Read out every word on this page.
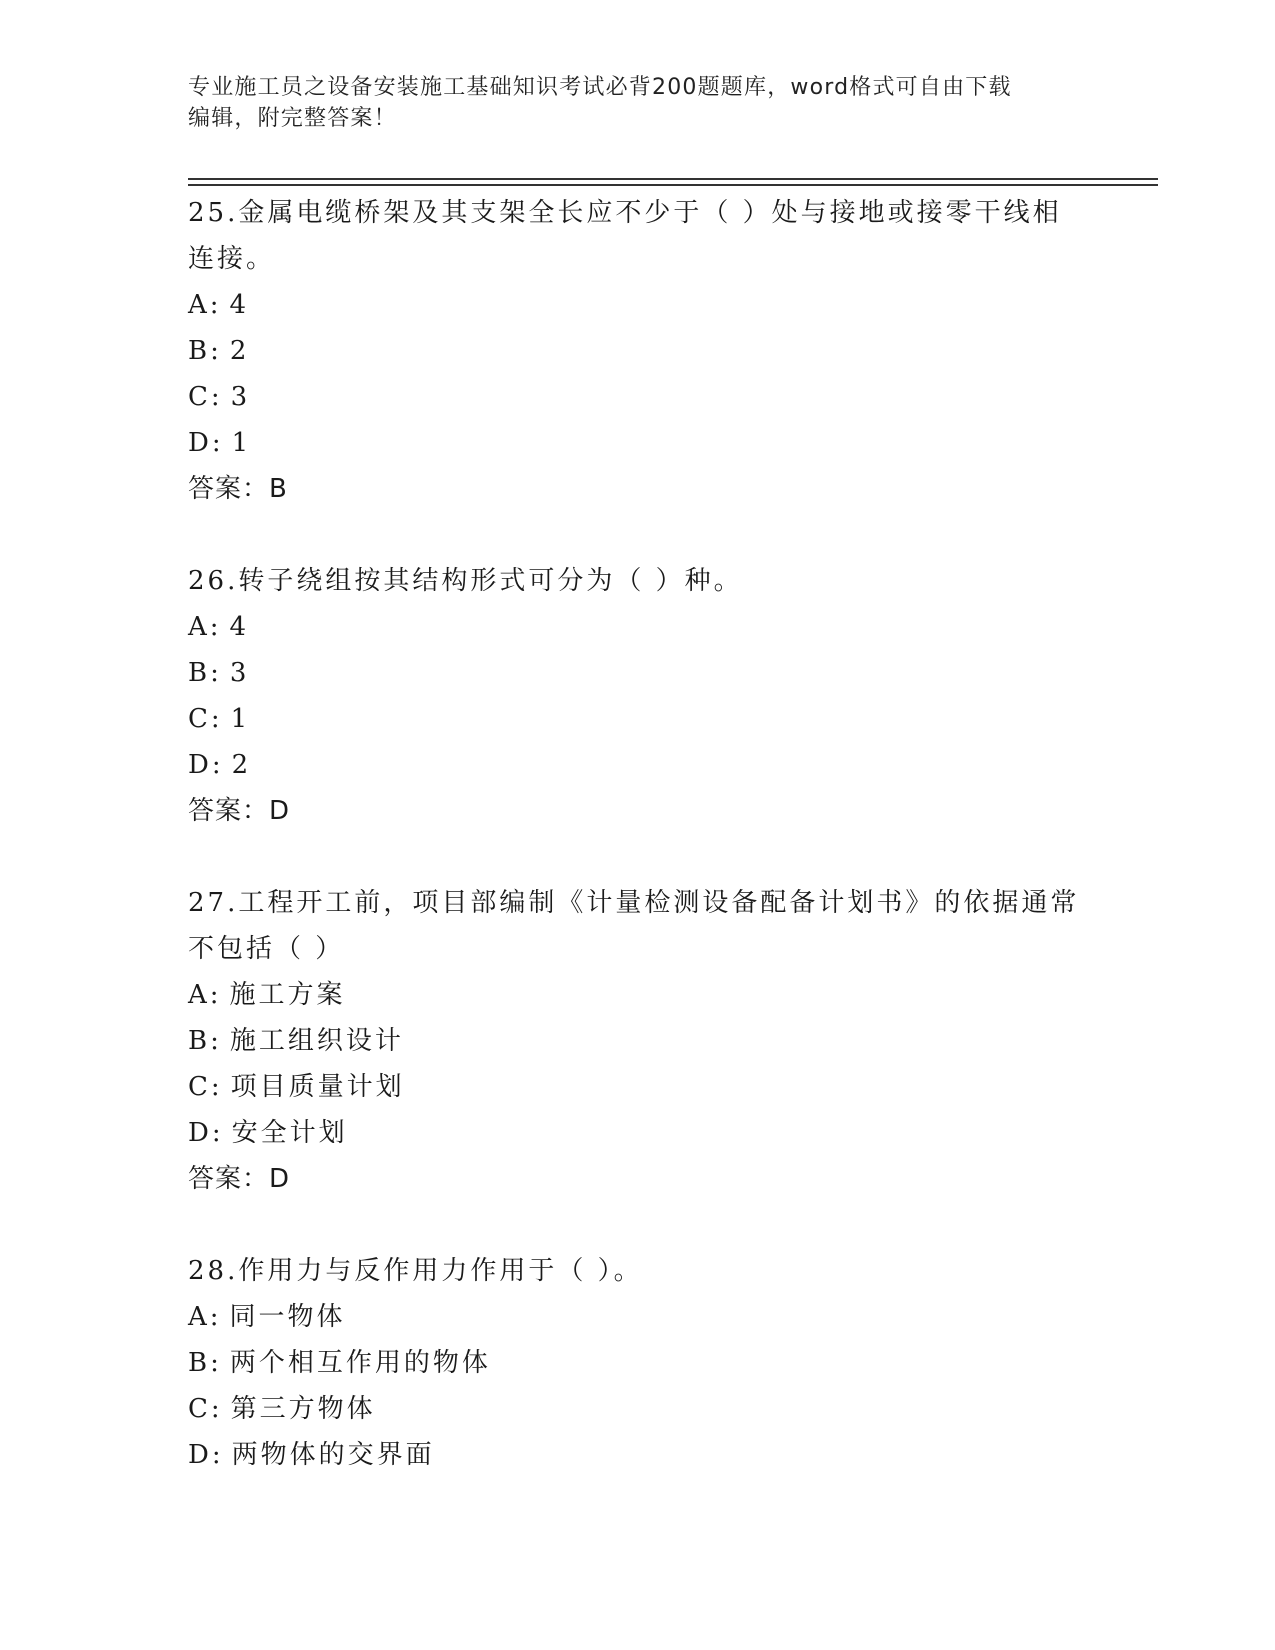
专业施工员之设备安装施工基础知识考试必背200题题库，word格式可自由下载
编辑，附完整答案！
25.金属电缆桥架及其支架全长应不少于（ ）处与接地或接零干线相
连接。
A: 4
B: 2
C: 3
D: 1
答案：B
26.转子绕组按其结构形式可分为（ ）种。
A: 4
B: 3
C: 1
D: 2
答案：D
27.工程开工前，项目部编制《计量检测设备配备计划书》的依据通常
不包括（ ）
A: 施工方案
B: 施工组织设计
C: 项目质量计划
D: 安全计划
答案：D
28.作用力与反作用力作用于（ ）。
A: 同一物体
B: 两个相互作用的物体
C: 第三方物体
D: 两物体的交界面
